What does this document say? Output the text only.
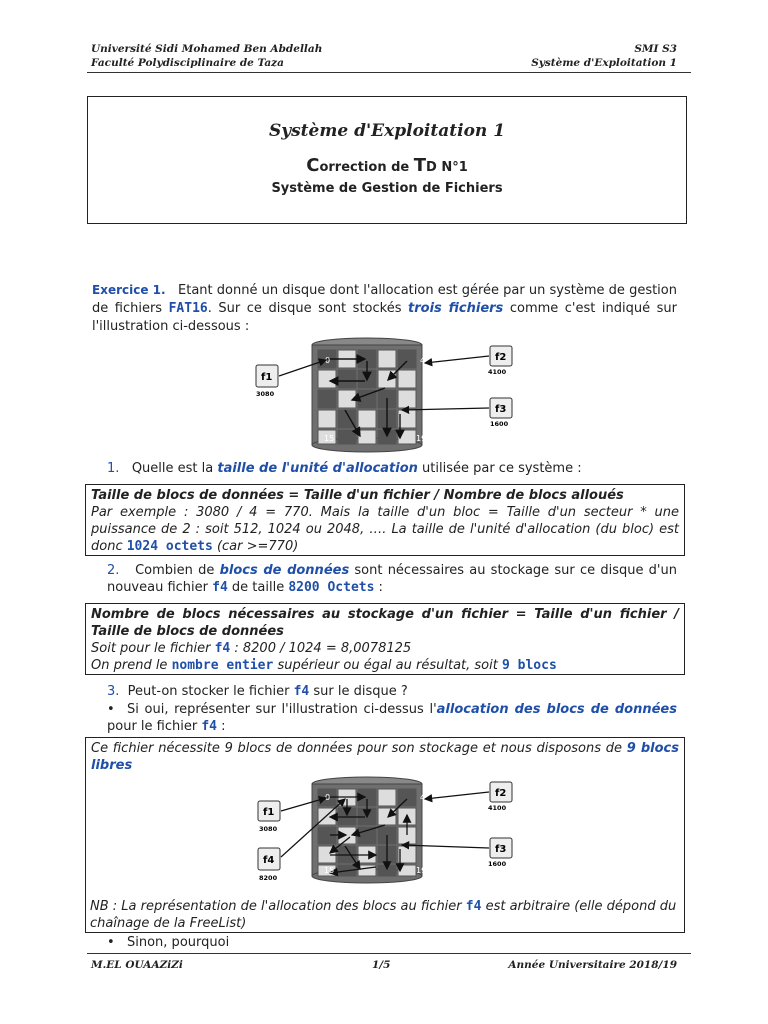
Université Sidi Mohamed Ben Abdellah
Faculté Polydisciplinaire de Taza
SMI S3
Système d'Exploitation 1
Système d'Exploitation 1
Correction de TD N°1
Système de Gestion de Fichiers
Exercice 1. Etant donné un disque dont l'allocation est gérée par un système de gestion de fichiers FAT16. Sur ce disque sont stockés trois fichiers comme c'est indiqué sur l'illustration ci-dessous :
0	4
15	19
f1
3080
f2
4100
f3
1600
1. Quelle est la taille de l'unité d'allocation utilisée par ce système :
Taille de blocs de données = Taille d'un fichier / Nombre de blocs alloués
Par exemple : 3080 / 4 = 770. Mais la taille d'un bloc = Taille d'un secteur * une puissance de 2 : soit 512, 1024 ou 2048, …. La taille de l'unité d'allocation (du bloc) est donc 1024 octets (car >=770)
2. Combien de blocs de données sont nécessaires au stockage sur ce disque d'un nouveau fichier f4 de taille 8200 Octets :
Nombre de blocs nécessaires au stockage d'un fichier = Taille d'un fichier / Taille de blocs de données
Soit pour le fichier f4 : 8200 / 1024 = 8,0078125
On prend le nombre entier supérieur ou égal au résultat, soit 9 blocs
3. Peut-on stocker le fichier f4 sur le disque ?
• Si oui, représenter sur l'illustration ci-dessus l'allocation des blocs de données pour le fichier f4 :
Ce fichier nécessite 9 blocs de données pour son stockage et nous disposons de 9 blocs libres
0	4
15	19
f1
3080
f2
4100
f3
1600
f4
8200
NB : La représentation de l'allocation des blocs au fichier f4 est arbitraire (elle dépond du chaînage de la FreeList)
• Sinon, pourquoi
M.EL OUAAZiZi	1/5	Année Universitaire 2018/19
